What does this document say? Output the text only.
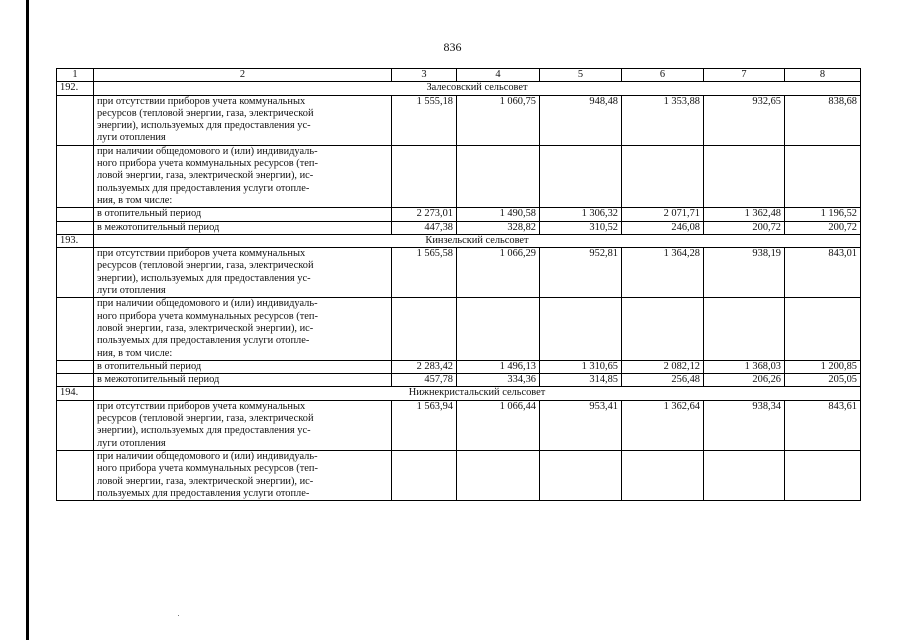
836
1	2	3	4	5	6	7	8
192.	Залесовский сельсовет						

	при отсутствии приборов учета коммунальных
ресурсов (тепловой энергии, газа, электрической
энергии), используемых для предоставления ус-
луги отопления	1 555,18	1 060,75	948,48	1 353,88	932,65	838,68

	при наличии общедомового и (или) индивидуаль-
ного прибора учета коммунальных ресурсов (теп-
ловой энергии, газа, электрической энергии), ис-
пользуемых для предоставления услуги отопле-
ния, в том числе:						

	в отопительный период	2 273,01	1 490,58	1 306,32	2 071,71	1 362,48	1 196,52

	в межотопительный период	447,38	328,82	310,52	246,08	200,72	200,72
193.	Кинзельский сельсовет						

	при отсутствии приборов учета коммунальных
ресурсов (тепловой энергии, газа, электрической
энергии), используемых для предоставления ус-
луги отопления	1 565,58	1 066,29	952,81	1 364,28	938,19	843,01

	при наличии общедомового и (или) индивидуаль-
ного прибора учета коммунальных ресурсов (теп-
ловой энергии, газа, электрической энергии), ис-
пользуемых для предоставления услуги отопле-
ния, в том числе:						

	в отопительный период	2 283,42	1 496,13	1 310,65	2 082,12	1 368,03	1 200,85

	в межотопительный период	457,78	334,36	314,85	256,48	206,26	205,05
194.	Нижнекристальский сельсовет						

	при отсутствии приборов учета коммунальных
ресурсов (тепловой энергии, газа, электрической
энергии), используемых для предоставления ус-
луги отопления	1 563,94	1 066,44	953,41	1 362,64	938,34	843,61

	при наличии общедомового и (или) индивидуаль-
ного прибора учета коммунальных ресурсов (теп-
ловой энергии, газа, электрической энергии), ис-
пользуемых для предоставления услуги отопле-						
